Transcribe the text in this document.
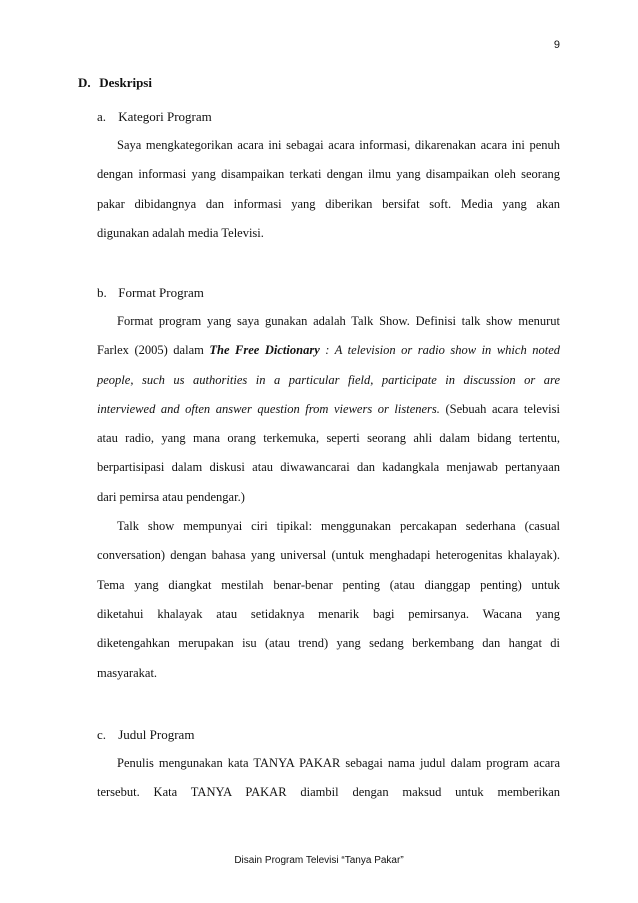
9
D. Deskripsi
a. Kategori Program
Saya mengkategorikan acara ini sebagai acara informasi, dikarenakan acara ini penuh
dengan informasi yang disampaikan terkati dengan ilmu yang disampaikan oleh seorang
pakar dibidangnya dan informasi yang diberikan bersifat soft. Media yang akan
digunakan adalah media Televisi.
b. Format Program
Format program yang saya gunakan adalah Talk Show. Definisi talk show menurut
Farlex (2005) dalam The Free Dictionary : A television or radio show in which noted
people, such us authorities in a particular field, participate in discussion or are
interviewed and often answer question from viewers or listeners. (Sebuah acara televisi
atau radio, yang mana orang terkemuka, seperti seorang ahli dalam bidang tertentu,
berpartisipasi dalam diskusi atau diwawancarai dan kadangkala menjawab pertanyaan
dari pemirsa atau pendengar.)
Talk show mempunyai ciri tipikal: menggunakan percakapan sederhana (casual
conversation) dengan bahasa yang universal (untuk menghadapi heterogenitas khalayak).
Tema yang diangkat mestilah benar-benar penting (atau dianggap penting) untuk
diketahui khalayak atau setidaknya menarik bagi pemirsanya. Wacana yang
diketengahkan merupakan isu (atau trend) yang sedang berkembang dan hangat di
masyarakat.
c. Judul Program
Penulis mengunakan kata TANYA PAKAR sebagai nama judul dalam program acara
tersebut. Kata TANYA PAKAR diambil dengan maksud untuk memberikan
Disain Program Televisi “Tanya Pakar”
